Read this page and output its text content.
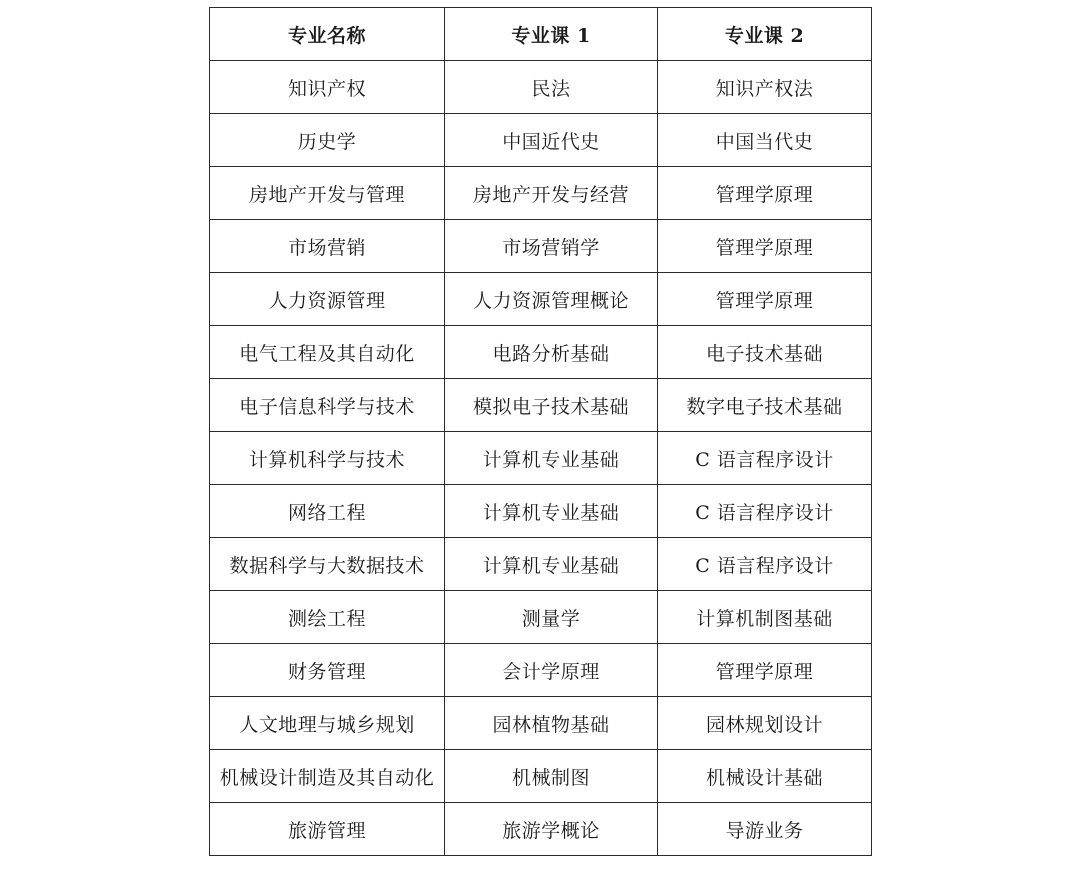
专业名称	专业课 1	专业课 2
知识产权	民法	知识产权法
历史学	中国近代史	中国当代史
房地产开发与管理	房地产开发与经营	管理学原理
市场营销	市场营销学	管理学原理
人力资源管理	人力资源管理概论	管理学原理
电气工程及其自动化	电路分析基础	电子技术基础
电子信息科学与技术	模拟电子技术基础	数字电子技术基础
计算机科学与技术	计算机专业基础	C 语言程序设计
网络工程	计算机专业基础	C 语言程序设计
数据科学与大数据技术	计算机专业基础	C 语言程序设计
测绘工程	测量学	计算机制图基础
财务管理	会计学原理	管理学原理
人文地理与城乡规划	园林植物基础	园林规划设计
机械设计制造及其自动化	机械制图	机械设计基础
旅游管理	旅游学概论	导游业务
